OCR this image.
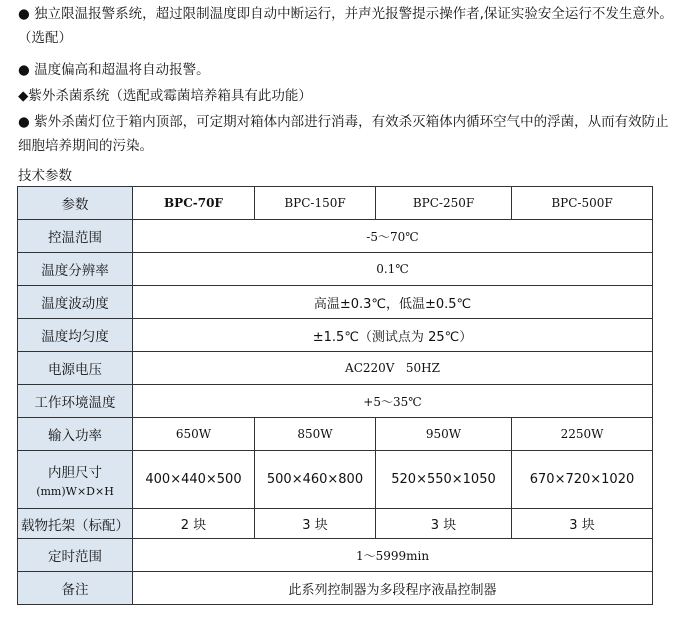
● 独立限温报警系统，超过限制温度即自动中断运行，并声光报警提示操作者,保证实验安全运行不发生意外。（选配）
● 温度偏高和超温将自动报警。
◆紫外杀菌系统（选配或霉菌培养箱具有此功能）
● 紫外杀菌灯位于箱内顶部，可定期对箱体内部进行消毒，有效杀灭箱体内循环空气中的浮菌，从而有效防止细胞培养期间的污染。
技术参数
参数	BPC-70F	BPC-150F	BPC-250F	BPC-500F
控温范围	-5～70℃			
温度分辨率	0.1℃			
温度波动度	高温±0.3℃，低温±0.5℃			
温度均匀度	±1.5℃（测试点为 25℃）			
电源电压	AC220V   50HZ			
工作环境温度	+5～35℃			
输入功率	650W	850W	950W	2250W
内胆尺寸
(mm)W×D×H	400×440×500	500×460×800	520×550×1050	670×720×1020
载物托架（标配）	2 块	3 块	3 块	3 块
定时范围	1～5999min			
备注	此系列控制器为多段程序液晶控制器			
